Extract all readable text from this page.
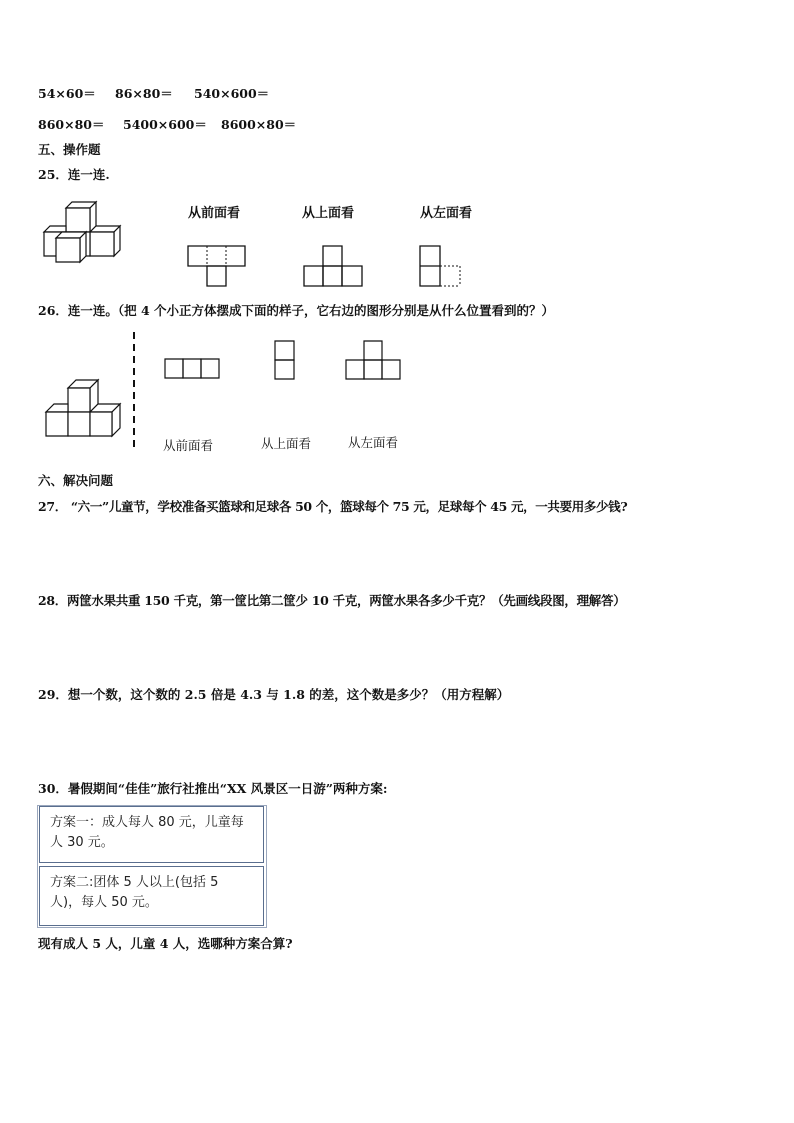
54×60＝ 86×80＝ 540×600＝
860×80＝ 5400×600＝ 8600×80＝
五、操作题
25．连一连.
从前面看	从上面看	从左面看
26．连一连。（把 4 个小正方体摆成下面的样子，它右边的图形分别是从什么位置看到的？）
从前面看	从上面看	从左面看
六、解决问题
27． “六一”儿童节，学校准备买篮球和足球各 50 个，篮球每个 75 元，足球每个 45 元，一共要用多少钱?
28．两筐水果共重 150 千克，第一筐比第二筐少 10 千克，两筐水果各多少千克？（先画线段图，理解答）
29．想一个数，这个数的 2.5 倍是 4.3 与 1.8 的差，这个数是多少？（用方程解）
30．暑假期间“佳佳”旅行社推出“XX 风景区一日游”两种方案:
方案一：成人每人 80 元，儿童每人 30 元。
方案二:团体 5 人以上(包括 5 人)，每人 50 元。
现有成人 5 人，儿童 4 人，选哪种方案合算?
